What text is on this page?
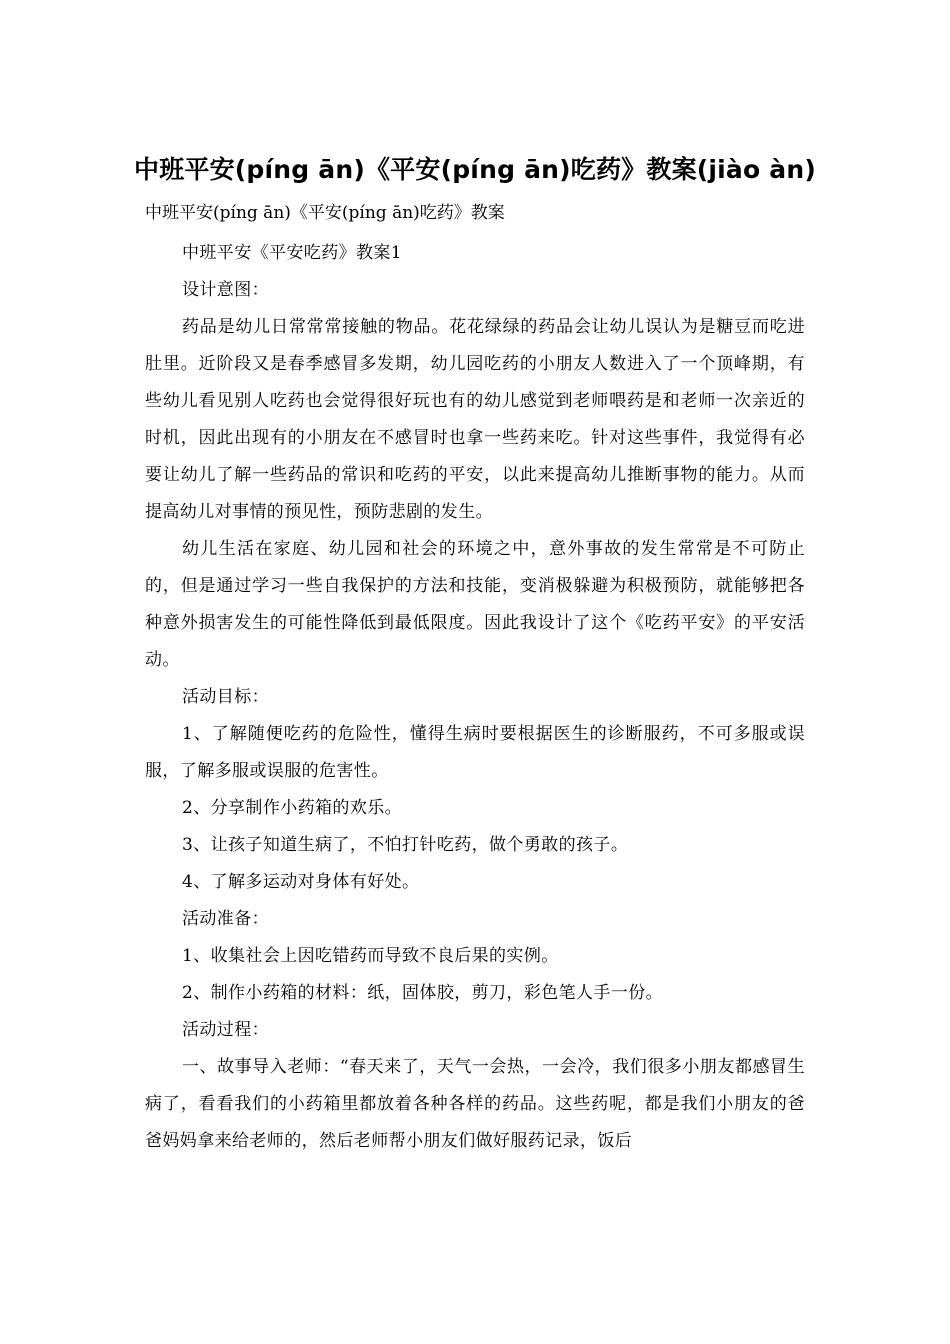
中班平安(píng ān)《平安(píng ān)吃药》教案(jiào àn)
中班平安(píng ān)《平安(píng ān)吃药》教案

中班平安《平安吃药》教案1

设计意图：

药品是幼儿日常常常接触的物品。花花绿绿的药品会让幼儿误认为是糖豆而吃进肚里。近阶段又是春季感冒多发期，幼儿园吃药的小朋友人数进入了一个顶峰期，有些幼儿看见别人吃药也会觉得很好玩也有的幼儿感觉到老师喂药是和老师一次亲近的时机，因此出现有的小朋友在不感冒时也拿一些药来吃。针对这些事件，我觉得有必要让幼儿了解一些药品的常识和吃药的平安，以此来提高幼儿推断事物的能力。从而提高幼儿对事情的预见性，预防悲剧的发生。

幼儿生活在家庭、幼儿园和社会的环境之中，意外事故的发生常常是不可防止的，但是通过学习一些自我保护的方法和技能，变消极躲避为积极预防，就能够把各种意外损害发生的可能性降低到最低限度。因此我设计了这个《吃药平安》的平安活动。

活动目标：

1、了解随便吃药的危险性，懂得生病时要根据医生的诊断服药，不可多服或误服，了解多服或误服的危害性。

2、分享制作小药箱的欢乐。

3、让孩子知道生病了，不怕打针吃药，做个勇敢的孩子。

4、了解多运动对身体有好处。

活动准备：

1、收集社会上因吃错药而导致不良后果的实例。

2、制作小药箱的材料：纸，固体胶，剪刀，彩色笔人手一份。

活动过程：

一、故事导入老师：“春天来了，天气一会热，一会冷，我们很多小朋友都感冒生病了，看看我们的小药箱里都放着各种各样的药品。这些药呢，都是我们小朋友的爸爸妈妈拿来给老师的，然后老师帮小朋友们做好服药记录，饭后
